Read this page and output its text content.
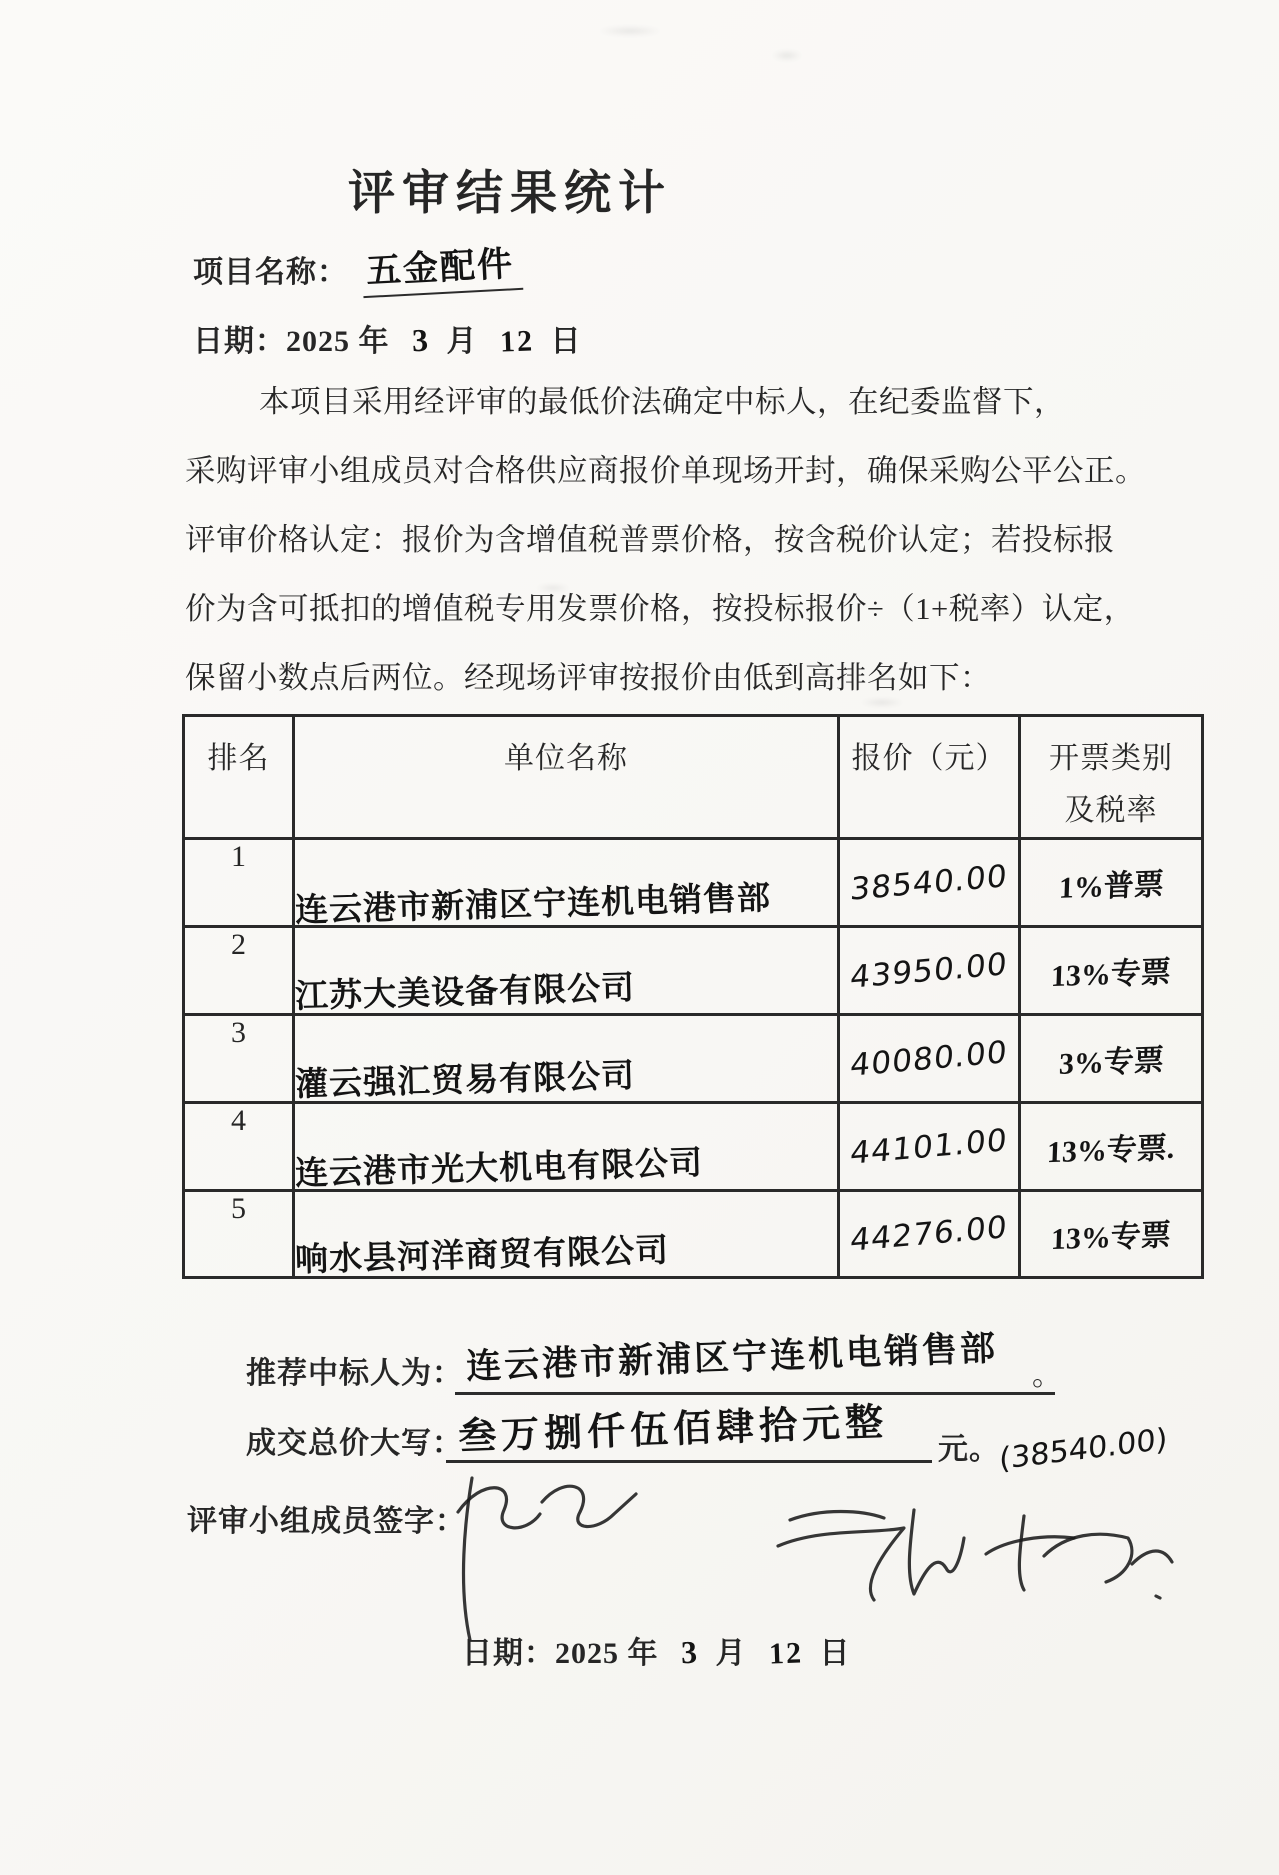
评审结果统计
项目名称： 五金配件
日期：2025 年 3 月 12 日
本项目采用经评审的最低价法确定中标人，在纪委监督下，
采购评审小组成员对合格供应商报价单现场开封，确保采购公平公正。
评审价格认定：报价为含增值税普票价格，按含税价认定；若投标报
价为含可抵扣的增值税专用发票价格，按投标报价÷（1+税率）认定，
保留小数点后两位。经现场评审按报价由低到高排名如下：
排名	单位名称	报价（元）	开票类别及税率
1	连云港市新浦区宁连机电销售部	38540.00	1%普票
2	江苏大美设备有限公司	43950.00	13%专票
3	灌云强汇贸易有限公司	40080.00	3%专票
4	连云港市光大机电有限公司	44101.00	13%专票.
5	响水县河洋商贸有限公司	44276.00	13%专票
推荐中标人为： 连云港市新浦区宁连机电销售部 。
成交总价大写：
叁万捌仟伍佰肆拾元整 元。(38540.00)
评审小组成员签字：
日期：2025 年 3 月 12 日
